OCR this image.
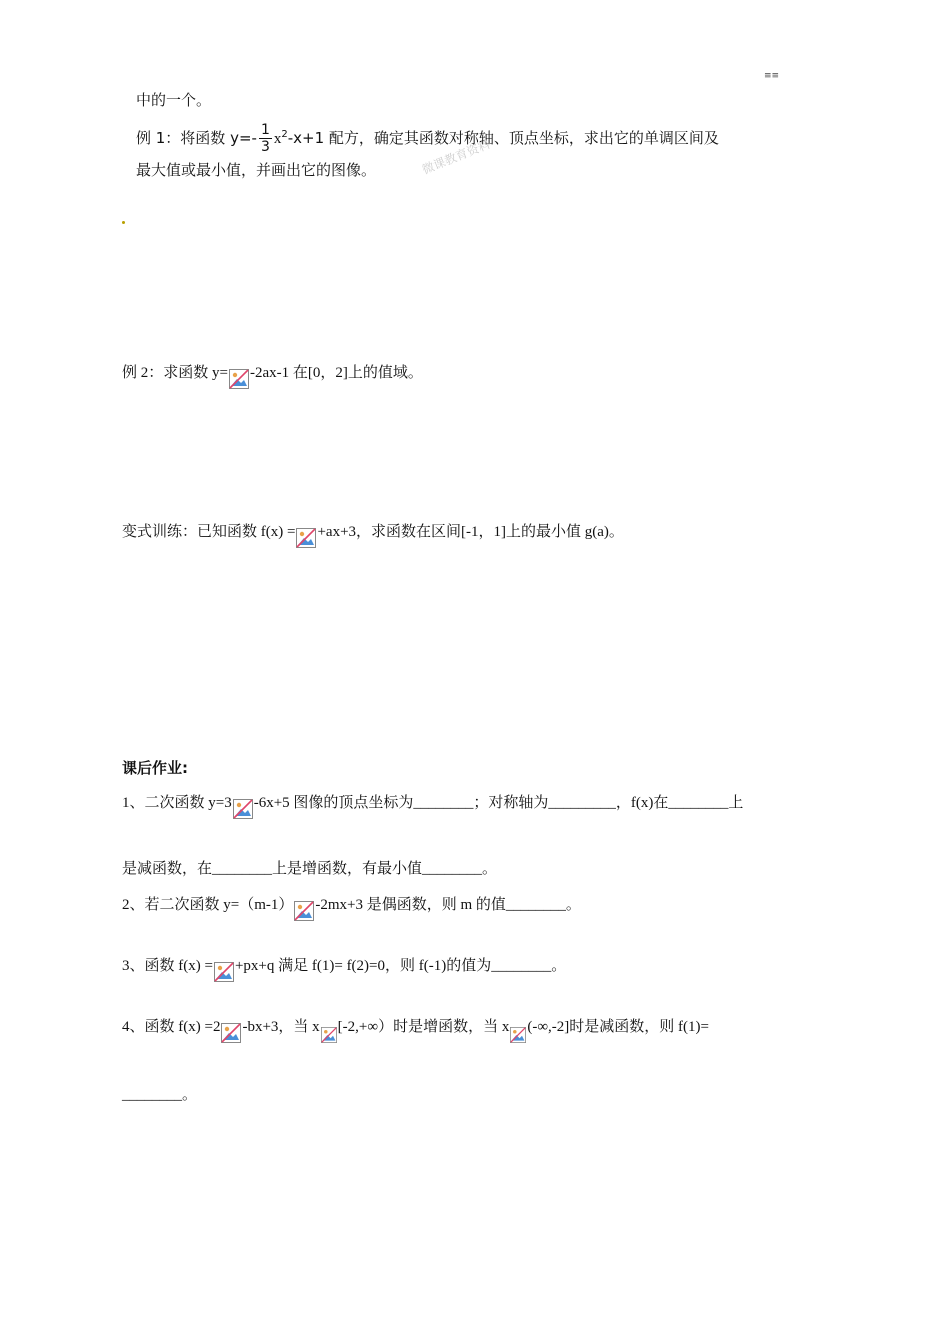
≡≡
中的一个。
例 1：将函数 $y=- \frac{1}{3} x^2-x+1$ 配方，确定其函数对称轴、顶点坐标，求出它的单调区间及
最大值或最小值，并画出它的图像。	微课教育资料
例 2：求函数 y= -2ax-1 在[0，2]上的值域。
变式训练：已知函数 f(x) = +ax+3，求函数在区间[-1，1]上的最小值 g(a)。
课后作业:
1、二次函数 y=3 -6x+5 图像的顶点坐标为________；对称轴为_________，f(x)在________上
是减函数，在________上是增函数，有最小值________。
2、若二次函数 y=（m-1） -2mx+3 是偶函数，则 m 的值________。
3、函数 f(x) = +px+q 满足 f(1)= f(2)=0，则 f(-1)的值为________。
4、函数 f(x) =2 -bx+3，当 x [-2,+∞）时是增函数，当 x (-∞,-2]时是减函数，则 f(1)=
________。
